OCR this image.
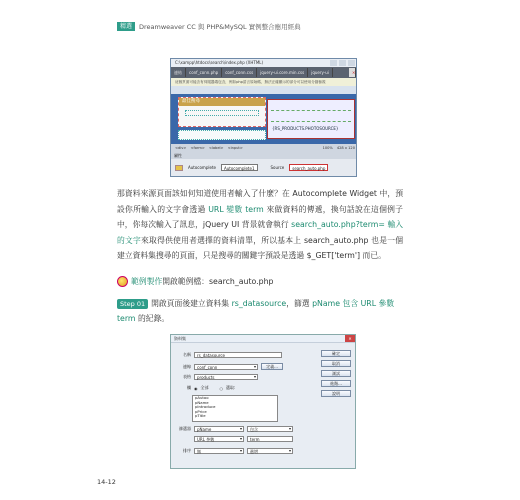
精選	Dreamweaver CC 與 PHP&MySQL 實例整合應用經典
C:\xampp\htdocs\search\index.php (XHTML)
連結	conf_conn.php	conf_conn.css	jquery-ui.core.min.css	jquery-ui	✕
這個頁面可能含有伺服器端包含，例如php語言原始碼，無法正確顯示的部分可以使用分割檢視
最佳搜尋
{RS_PRODUCTS.PHOTOSOURCE}
<div> <form> <label> <input>	100% 428 x 120
屬性
Autocomplete	Autocomplete1	Source	search_auto.php
那資料來源頁面該如何知道使用者輸入了什麼？在 Autocomplete Widget 中，預設你所輸入的文字會透過 URL 變數 term 來做資料的傳遞，換句話說在這個例子中，你每次輸入了訊息，jQuery UI 背景就會執行 search_auto.php?term= 輸入的文字來取得供使用者選擇的資料清單，所以基本上 search_auto.php 也是一個建立資料集搜尋的頁面，只是搜尋的關鍵字預設是透過 $_GET['term'] 而已。
範例製作 開啟範例檔：search_auto.php
Step 01 開啟頁面後建立資料集 rs_datasource，篩選 pName 包含 URL 參數 term 的紀錄。
資料集	✕
名稱	rs_datasource
連線	conf_conn ▾	定義...
表格	products ▾
欄 ◉ 全部	○ 選取:
pAutoo
pName
pIntroduce
pPrice
pTitle
篩選器	pName ▾	包含 ▾
URL 參數 ▾	term
排序	無 ▾	遞增 ▾
確定
取消
測試
進階...
說明
14-12
